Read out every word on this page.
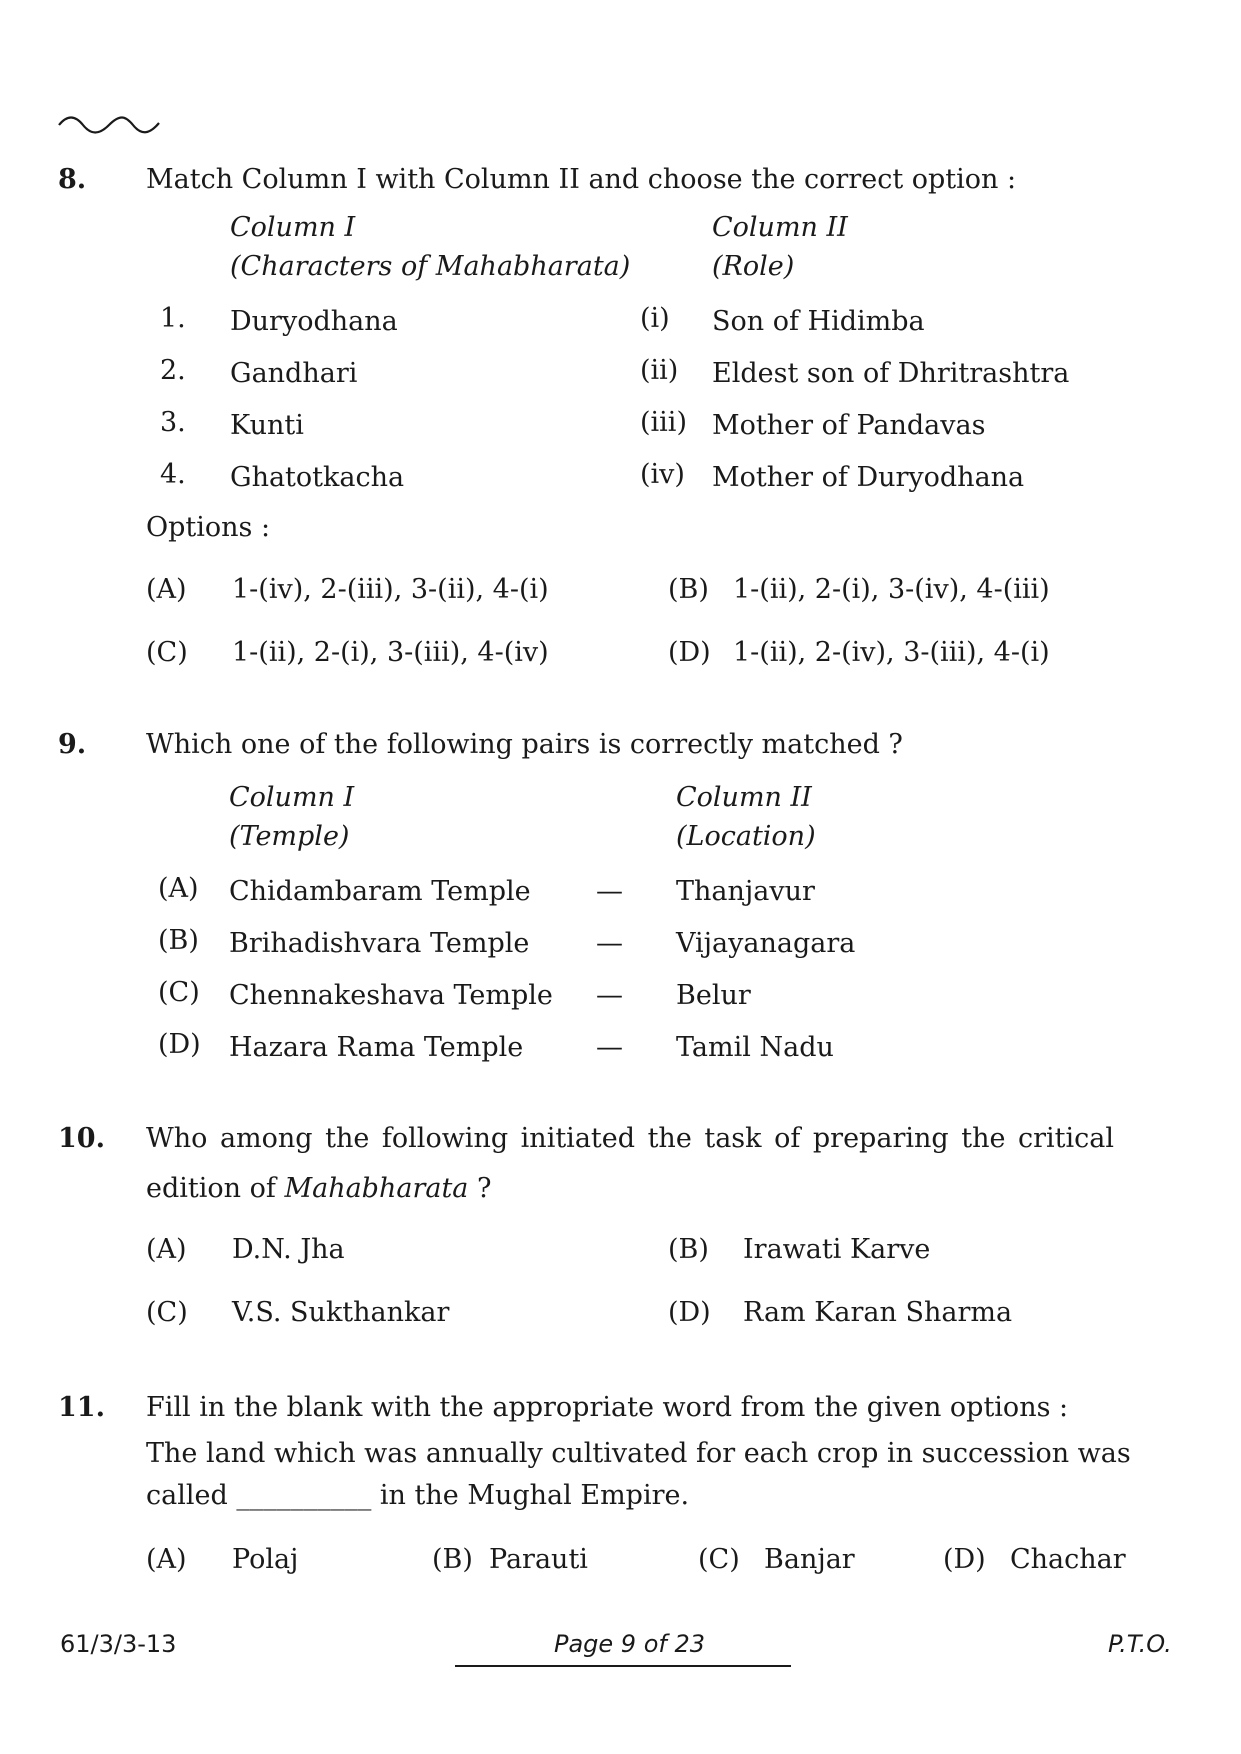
8. Match Column I with Column II and choose the correct option :
Column I
(Characters of Mahabharata)
Column II
(Role)
1. Duryodhana	(i) Son of Hidimba
2. Gandhari	(ii) Eldest son of Dhritrashtra
3. Kunti	(iii) Mother of Pandavas
4. Ghatotkacha	(iv) Mother of Duryodhana
Options :
(A) 1-(iv), 2-(iii), 3-(ii), 4-(i)	(B) 1-(ii), 2-(i), 3-(iv), 4-(iii)
(C) 1-(ii), 2-(i), 3-(iii), 4-(iv)	(D) 1-(ii), 2-(iv), 3-(iii), 4-(i)
9. Which one of the following pairs is correctly matched ?
Column I
(Temple)
Column II
(Location)
(A) Chidambaram Temple — Thanjavur
(B) Brihadishvara Temple — Vijayanagara
(C) Chennakeshava Temple — Belur
(D) Hazara Rama Temple	— Tamil Nadu
10. Who among the following initiated the task of preparing the critical
edition of Mahabharata ?
(A) D.N. Jha	(B) Irawati Karve
(C) V.S. Sukthankar	(D) Ram Karan Sharma
11. Fill in the blank with the appropriate word from the given options :
The land which was annually cultivated for each crop in succession was
called __________ in the Mughal Empire.
(A) Polaj	(B) Parauti	(C) Banjar	(D) Chachar
61/3/3-13	Page 9 of 23	P.T.O.
